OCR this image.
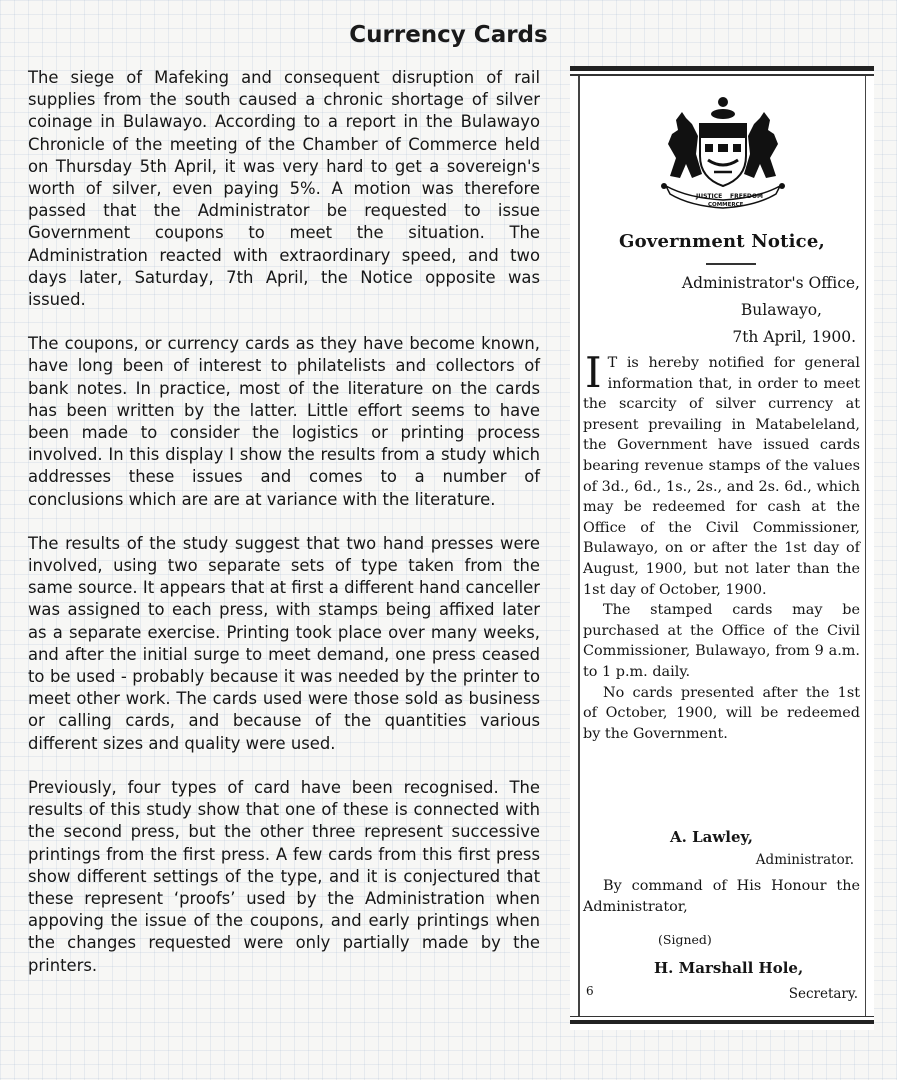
Currency Cards

The siege of Mafeking and consequent disruption of rail supplies from the south caused a chronic shortage of silver coinage in Bulawayo. According to a report in the Bulawayo Chronicle of the meeting of the Chamber of Commerce held on Thursday 5th April, it was very hard to get a sovereign's worth of silver, even paying 5%. A motion was therefore passed that the Administrator be requested to issue Government coupons to meet the situation. The Administration reacted with extraordinary speed, and two days later, Saturday, 7th April, the Notice opposite was issued.

The coupons, or currency cards as they have become known, have long been of interest to philatelists and collectors of bank notes. In practice, most of the literature on the cards has been written by the latter. Little effort seems to have been made to consider the logistics or printing process involved. In this display I show the results from a study which addresses these issues and comes to a number of conclusions which are are at variance with the literature.

The results of the study suggest that two hand presses were involved, using two separate sets of type taken from the same source. It appears that at first a different hand canceller was assigned to each press, with stamps being affixed later as a separate exercise. Printing took place over many weeks, and after the initial surge to meet demand, one press ceased to be used - probably because it was needed by the printer to meet other work. The cards used were those sold as business or calling cards, and because of the quantities various different sizes and quality were used.

Previously, four types of card have been recognised. The results of this study show that one of these is connected with the second press, but the other three represent successive printings from the first press. A few cards from this first press show different settings of the type, and it is conjectured that these represent ‘proofs’ used by the Administration when appoving the issue of the coupons, and early printings when the changes requested were only partially made by the printers.

JUSTICE FREEDOM
COMMERCE
Government Notice,
Administrator's Office,
Bulawayo,
7th April, 1900.

I T is hereby notified for general information that, in order to meet the scarcity of silver currency at present prevailing in Matabeleland, the Government have issued cards bearing revenue stamps of the values of 3d., 6d., 1s., 2s., and 2s. 6d., which may be redeemed for cash at the Office of the Civil Commissioner, Bulawayo, on or after the 1st day of August, 1900, but not later than the 1st day of October, 1900.

The stamped cards may be purchased at the Office of the Civil Commissioner, Bulawayo, from 9 a.m. to 1 p.m. daily.

No cards presented after the 1st of October, 1900, will be redeemed by the Government.

A. Lawley,
Administrator.

By command of His Honour the Administrator,

(Signed)
H. Marshall Hole,
Secretary.
6
